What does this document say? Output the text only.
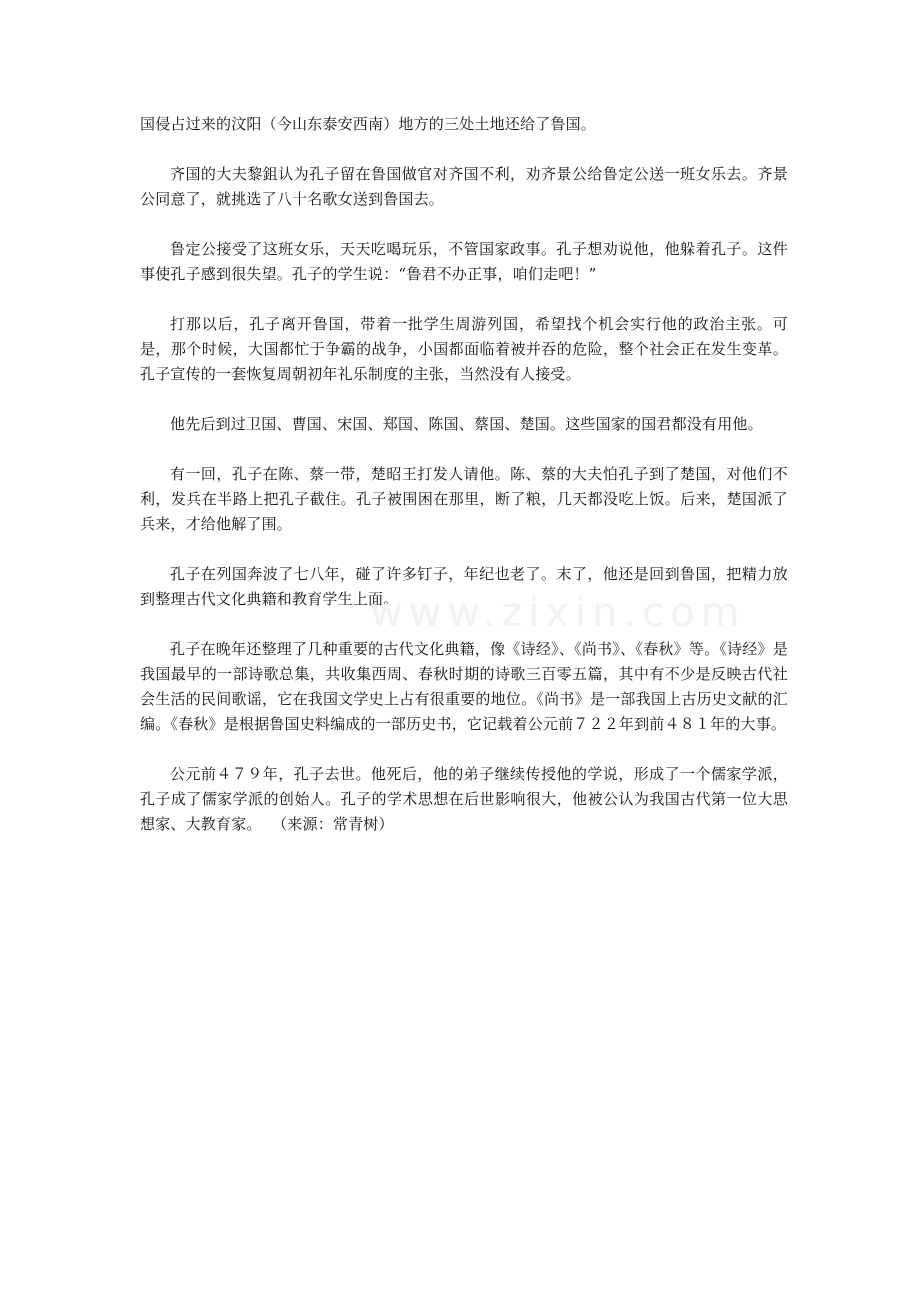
国侵占过来的汶阳（今山东泰安西南）地方的三处土地还给了鲁国。

齐国的大夫黎鉏认为孔子留在鲁国做官对齐国不利，劝齐景公给鲁定公送一班女乐去。齐景公同意了，就挑选了八十名歌女送到鲁国去。

鲁定公接受了这班女乐，天天吃喝玩乐，不管国家政事。孔子想劝说他，他躲着孔子。这件事使孔子感到很失望。孔子的学生说：“鲁君不办正事，咱们走吧！”

打那以后，孔子离开鲁国，带着一批学生周游列国，希望找个机会实行他的政治主张。可是，那个时候，大国都忙于争霸的战争，小国都面临着被并吞的危险，整个社会正在发生变革。孔子宣传的一套恢复周朝初年礼乐制度的主张，当然没有人接受。

他先后到过卫国、曹国、宋国、郑国、陈国、蔡国、楚国。这些国家的国君都没有用他。

有一回，孔子在陈、蔡一带，楚昭王打发人请他。陈、蔡的大夫怕孔子到了楚国，对他们不利，发兵在半路上把孔子截住。孔子被围困在那里，断了粮，几天都没吃上饭。后来，楚国派了兵来，才给他解了围。

孔子在列国奔波了七八年，碰了许多钉子，年纪也老了。末了，他还是回到鲁国，把精力放到整理古代文化典籍和教育学生上面。

孔子在晚年还整理了几种重要的古代文化典籍，像《诗经》、《尚书》、《春秋》等。《诗经》是我国最早的一部诗歌总集，共收集西周、春秋时期的诗歌三百零五篇，其中有不少是反映古代社会生活的民间歌谣，它在我国文学史上占有很重要的地位。《尚书》是一部我国上古历史文献的汇编。《春秋》是根据鲁国史料编成的一部历史书，它记载着公元前７２２年到前４８１年的大事。

公元前４７９年，孔子去世。他死后，他的弟子继续传授他的学说，形成了一个儒家学派，孔子成了儒家学派的创始人。孔子的学术思想在后世影响很大，他被公认为我国古代第一位大思想家、大教育家。 （来源：常青树）

www.zixin.com
